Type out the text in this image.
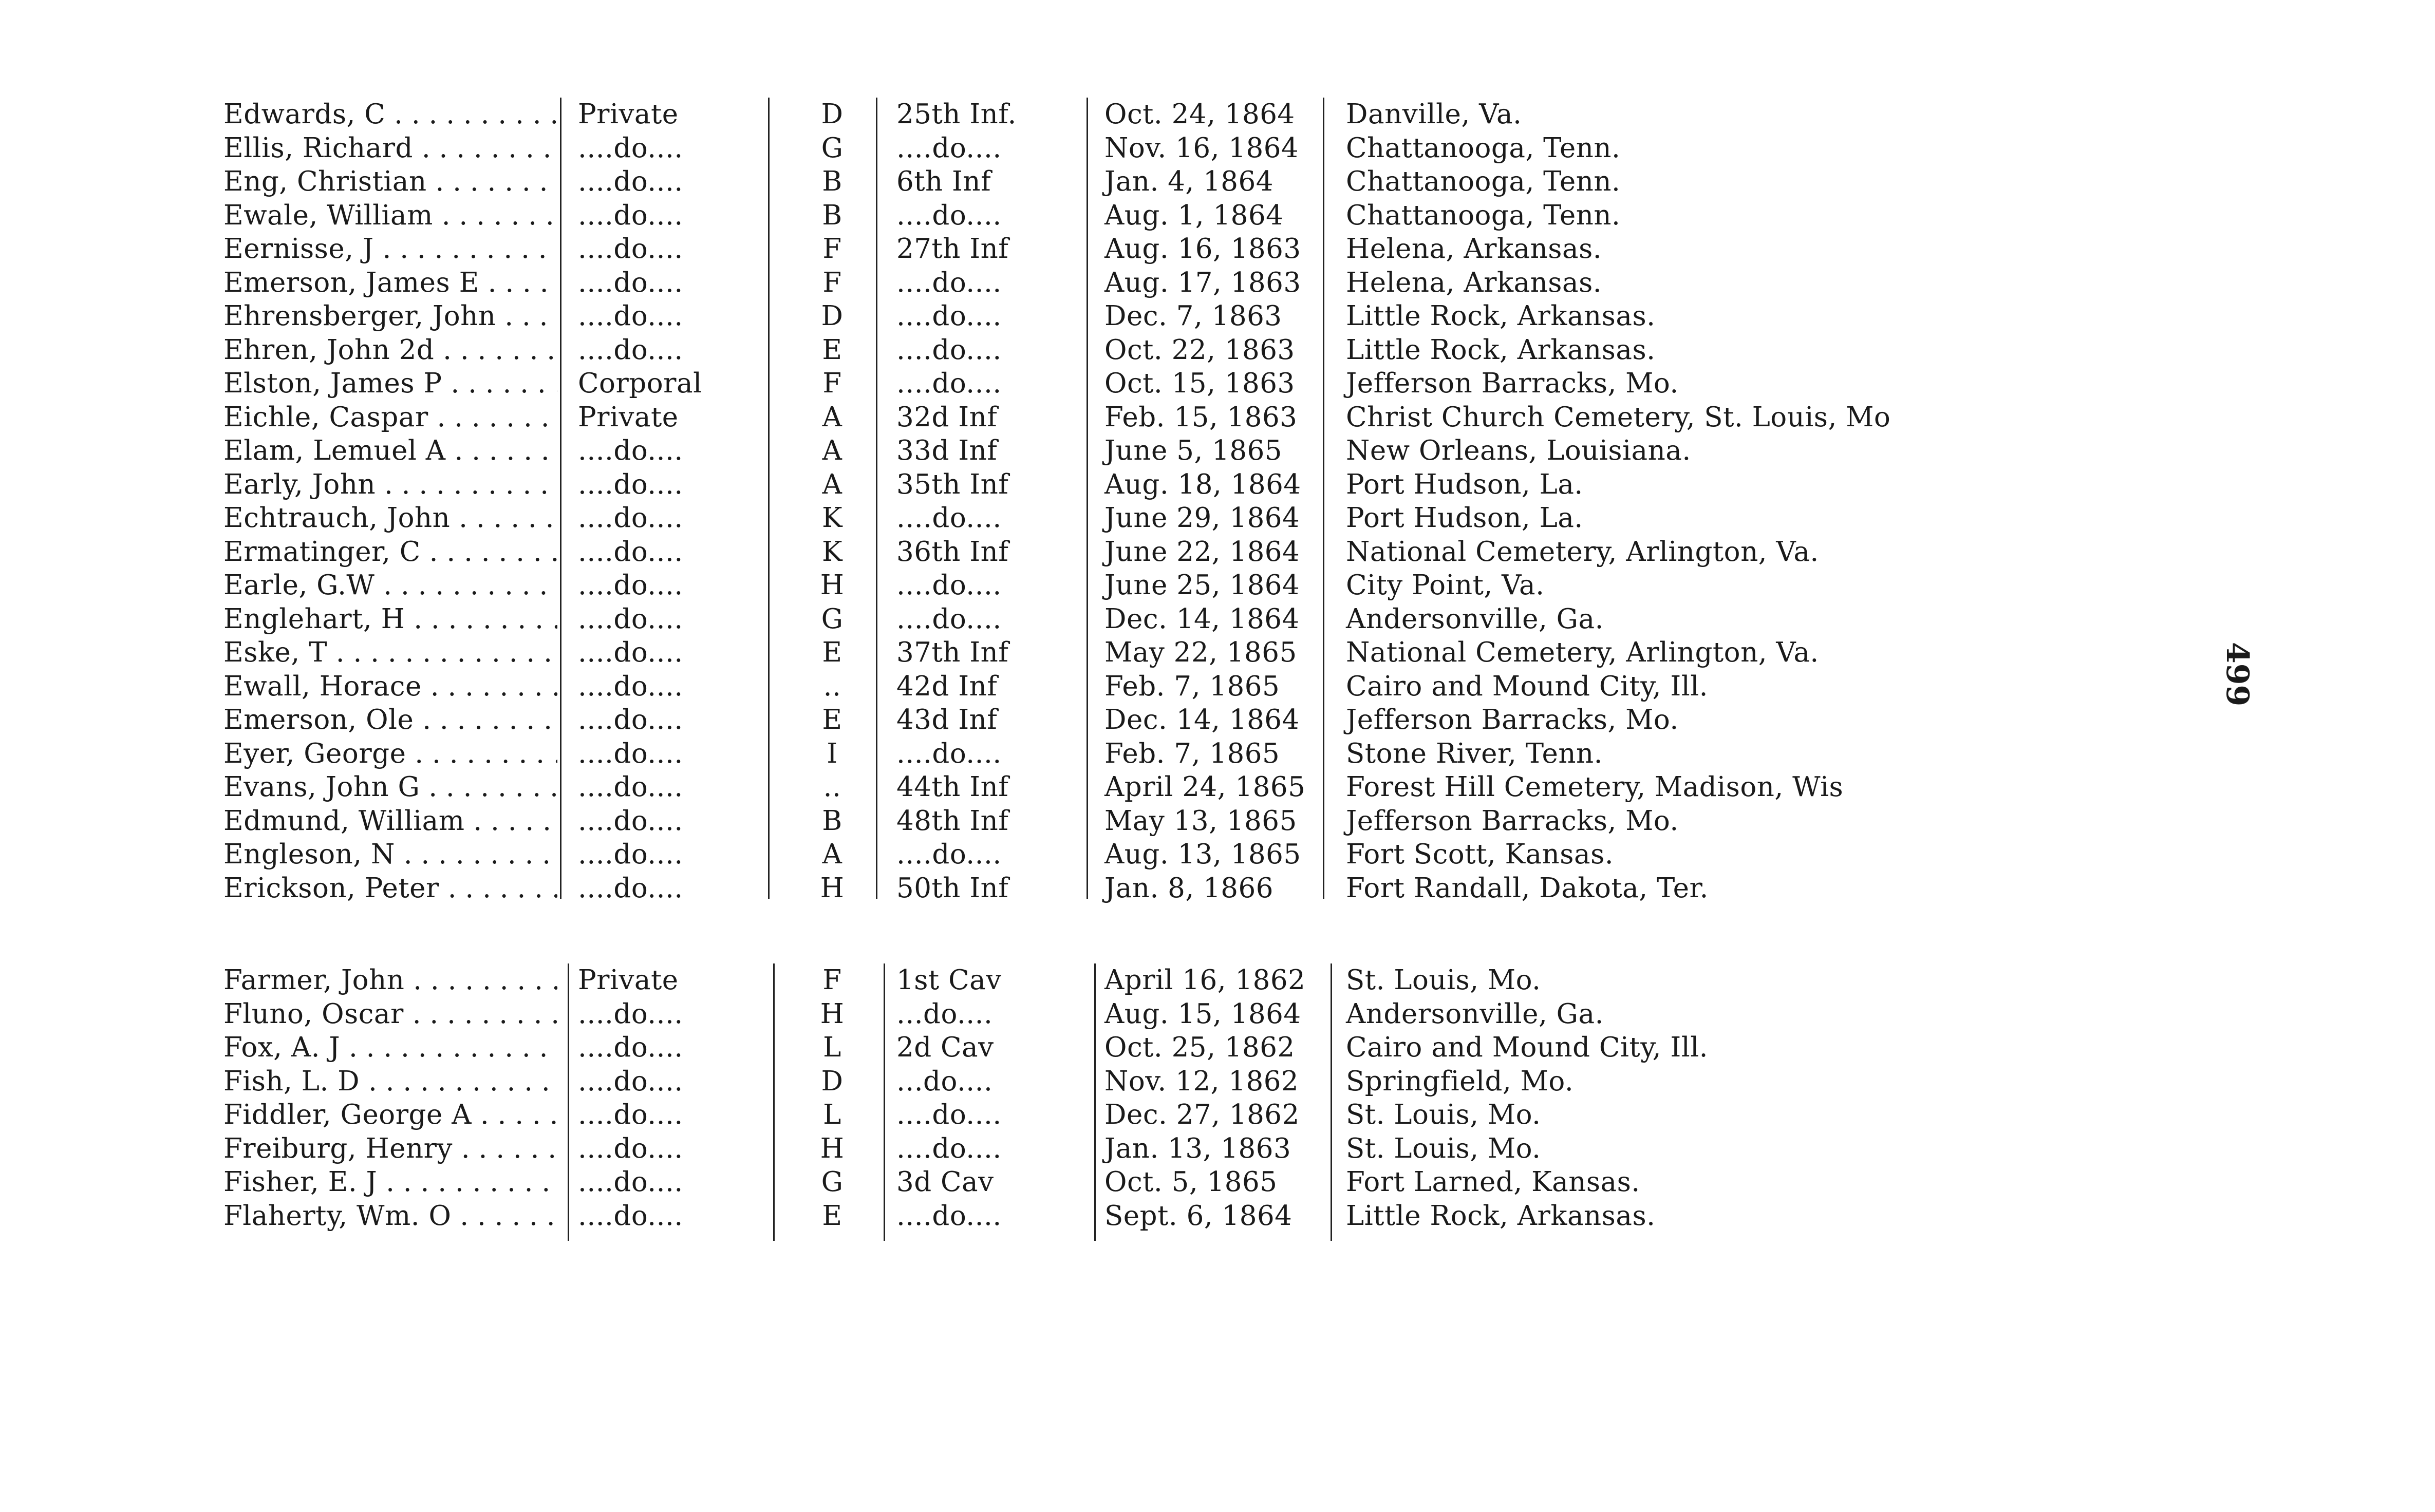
Edwards, C . . .	Private	D	25th Inf.	Oct. 24, 1864	Danville, Va.
Ellis, Richard . . .	....do....	G	....do....	Nov. 16, 1864	Chattanooga, Tenn.
Eng, Christian . . .	....do....	B	6th Inf	Jan. 4, 1864	Chattanooga, Tenn.
Ewale, William . . .	....do....	B	....do....	Aug. 1, 1864	Chattanooga, Tenn.
Eernisse, J . . .	....do....	F	27th Inf	Aug. 16, 1863	Helena, Arkansas.
Emerson, James E . . .	....do....	F	....do....	Aug. 17, 1863	Helena, Arkansas.
Ehrensberger, John . . .	....do....	D	....do....	Dec. 7, 1863	Little Rock, Arkansas.
Ehren, John 2d . . .	....do....	E	....do....	Oct. 22, 1863	Little Rock, Arkansas.
Elston, James P . . .	Corporal	F	....do....	Oct. 15, 1863	Jefferson Barracks, Mo.
Eichle, Caspar . . .	Private	A	32d Inf	Feb. 15, 1863	Christ Church Cemetery, St. Louis, Mo
Elam, Lemuel A . . .	....do....	A	33d Inf	June 5, 1865	New Orleans, Louisiana.
Early, John . . .	....do....	A	35th Inf	Aug. 18, 1864	Port Hudson, La.
Echtrauch, John . . .	....do....	K	....do....	June 29, 1864	Port Hudson, La.
Ermatinger, C . . .	....do....	K	36th Inf	June 22, 1864	National Cemetery, Arlington, Va.
Earle, G.W . . .	....do....	H	....do....	June 25, 1864	City Point, Va.
Englehart, H . . .	....do....	G	....do....	Dec. 14, 1864	Andersonville, Ga.
Eske, T . . .	....do....	E	37th Inf	May 22, 1865	National Cemetery, Arlington, Va.
Ewall, Horace . . .	....do....	..	42d Inf	Feb. 7, 1865	Cairo and Mound City, Ill.
Emerson, Ole . . .	....do....	E	43d Inf	Dec. 14, 1864	Jefferson Barracks, Mo.
Eyer, George . . .	....do....	I	....do....	Feb. 7, 1865	Stone River, Tenn.
Evans, John G . . .	....do....	..	44th Inf	April 24, 1865	Forest Hill Cemetery, Madison, Wis
Edmund, William . . .	....do....	B	48th Inf	May 13, 1865	Jefferson Barracks, Mo.
Engleson, N . . .	....do....	A	....do....	Aug. 13, 1865	Fort Scott, Kansas.
Erickson, Peter . . .	....do....	H	50th Inf	Jan. 8, 1866	Fort Randall, Dakota, Ter.
Farmer, John . . .	Private	F	1st Cav	April 16, 1862	St. Louis, Mo.
Fluno, Oscar . . .	....do....	H	...do....	Aug. 15, 1864	Andersonville, Ga.
Fox, A. J . . .	....do....	L	2d Cav	Oct. 25, 1862	Cairo and Mound City, Ill.
Fish, L. D . . .	....do....	D	...do....	Nov. 12, 1862	Springfield, Mo.
Fiddler, George A . . .	....do....	L	....do....	Dec. 27, 1862	St. Louis, Mo.
Freiburg, Henry . . .	....do....	H	....do....	Jan. 13, 1863	St. Louis, Mo.
Fisher, E. J . . .	....do....	G	3d Cav	Oct. 5, 1865	Fort Larned, Kansas.
Flaherty, Wm. O . . .	....do....	E	....do....	Sept. 6, 1864	Little Rock, Arkansas.
499
